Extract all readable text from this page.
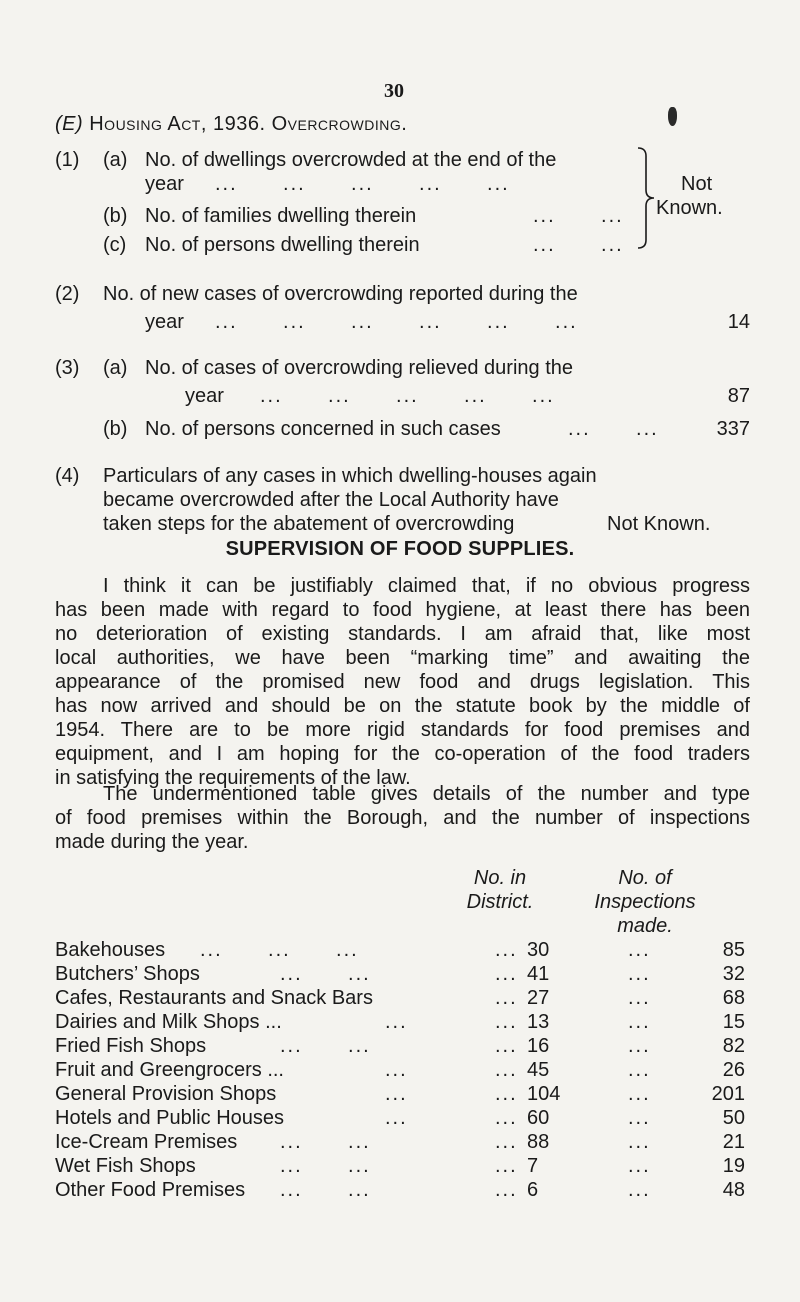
30
(E) Housing Act, 1936. Overcrowding.
(1) (a) No. of dwellings overcrowded at the end of the
year ...      ...      ...      ...      ...
(b) No. of families dwelling therein	...      ...
(c) No. of persons dwelling therein	...      ...
Not
Known.
(2) No. of new cases of overcrowding reported during the
year ...      ...      ...      ...      ...      ...	14
(3) (a) No. of cases of overcrowding relieved during the
year ...      ...      ...      ...      ...	87
(b) No. of persons concerned in such cases	...      ...	337
(4) Particulars of any cases in which dwelling-houses again
became overcrowded after the Local Authority have
taken steps for the abatement of overcrowding	Not Known.
SUPERVISION OF FOOD SUPPLIES.
I think it can be justifiably claimed that, if no obvious progress
has been made with regard to food hygiene, at least there has been
no deterioration of existing standards. I am afraid that, like most
local authorities, we have been “marking time” and awaiting the
appearance of the promised new food and drugs legislation. This
has now arrived and should be on the statute book by the middle of
1954. There are to be more rigid standards for food premises and
equipment, and I am hoping for the co-operation of the food traders
in satisfying the requirements of the law.
The undermentioned table gives details of the number and type
of food premises within the Borough, and the number of inspections
made during the year.
No. in
District.
No. of
Inspections
made.
Bakehouses ...      ...      ...	... 30	...	85
Butchers’ Shops	...      ...	... 41	...	32
Cafes, Restaurants and Snack Bars	... 27	...	68
Dairies and Milk Shops ...	...	... 13	...	15
Fried Fish Shops	...      ...	... 16	...	82
Fruit and Greengrocers ...	...	... 45	...	26
General Provision Shops	...	... 104	...	201
Hotels and Public Houses	...	... 60	...	50
Ice-Cream Premises ...      ...	... 88	...	21
Wet Fish Shops	...      ...	... 7	...	19
Other Food Premises ...      ...	... 6	...	48
